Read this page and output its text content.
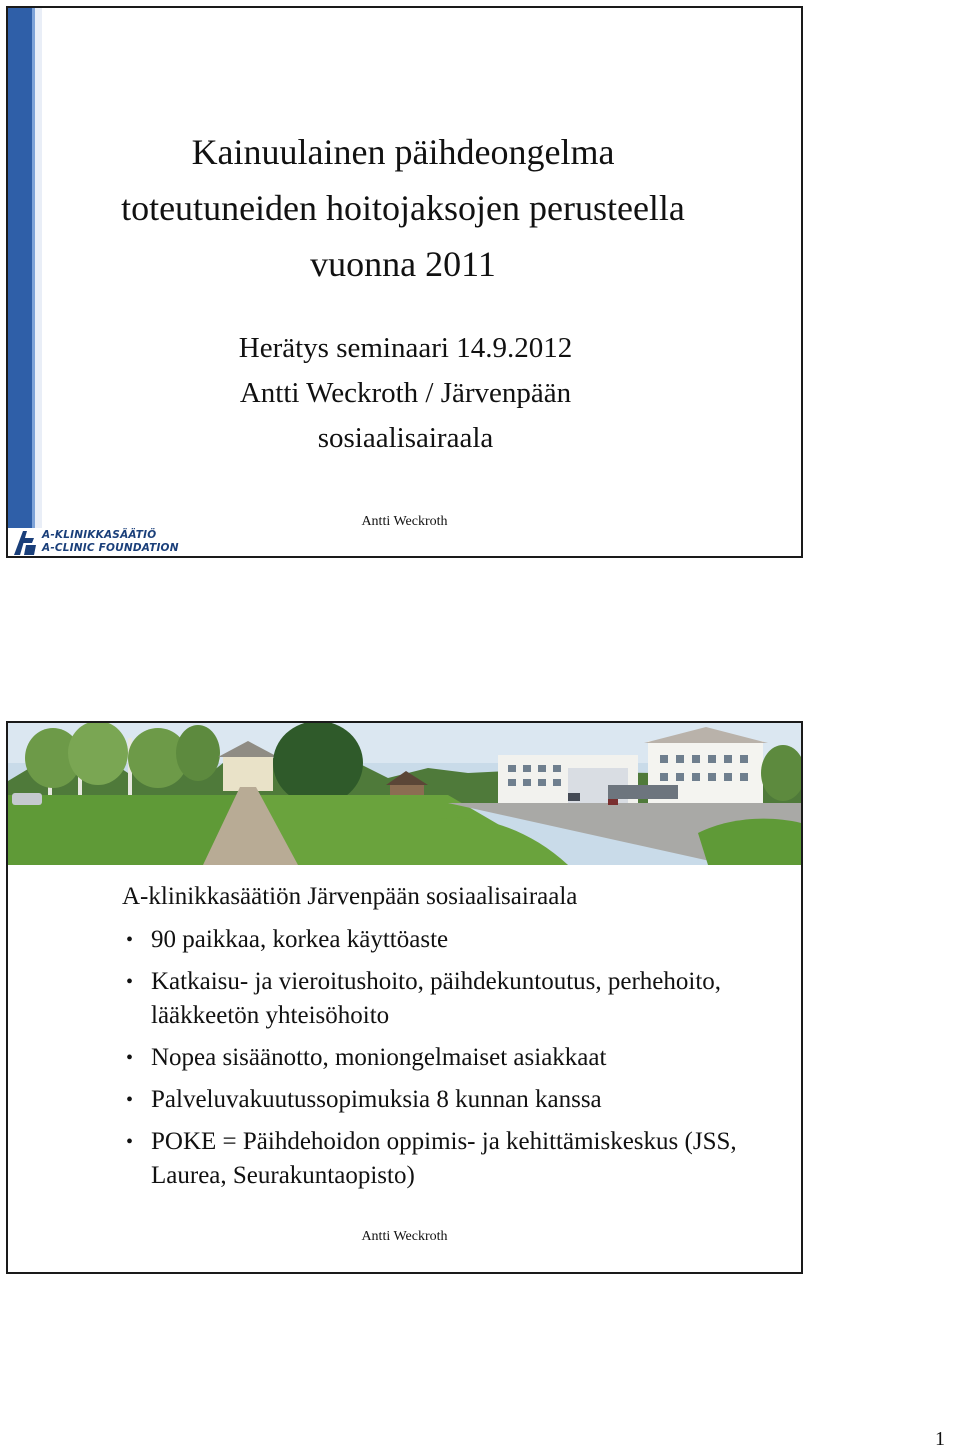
Kainuulainen päihdeongelma
toteutuneiden hoitojaksojen perusteella
vuonna 2011
Herätys seminaari 14.9.2012
Antti Weckroth / Järvenpään
sosiaalisairaala
Antti Weckroth
A-KLINIKKASÄÄTIÖ
A-CLINIC FOUNDATION
A-klinikkasäätiön Järvenpään sosiaalisairaala
• 90 paikkaa, korkea käyttöaste
• Katkaisu- ja vieroitushoito, päihdekuntoutus, perhehoito, lääkkeetön yhteisöhoito
• Nopea sisäänotto, moniongelmaiset asiakkaat
• Palveluvakuutussopimuksia 8 kunnan kanssa
• POKE = Päihdehoidon oppimis- ja kehittämiskeskus (JSS, Laurea, Seurakuntaopisto)
Antti Weckroth
1
